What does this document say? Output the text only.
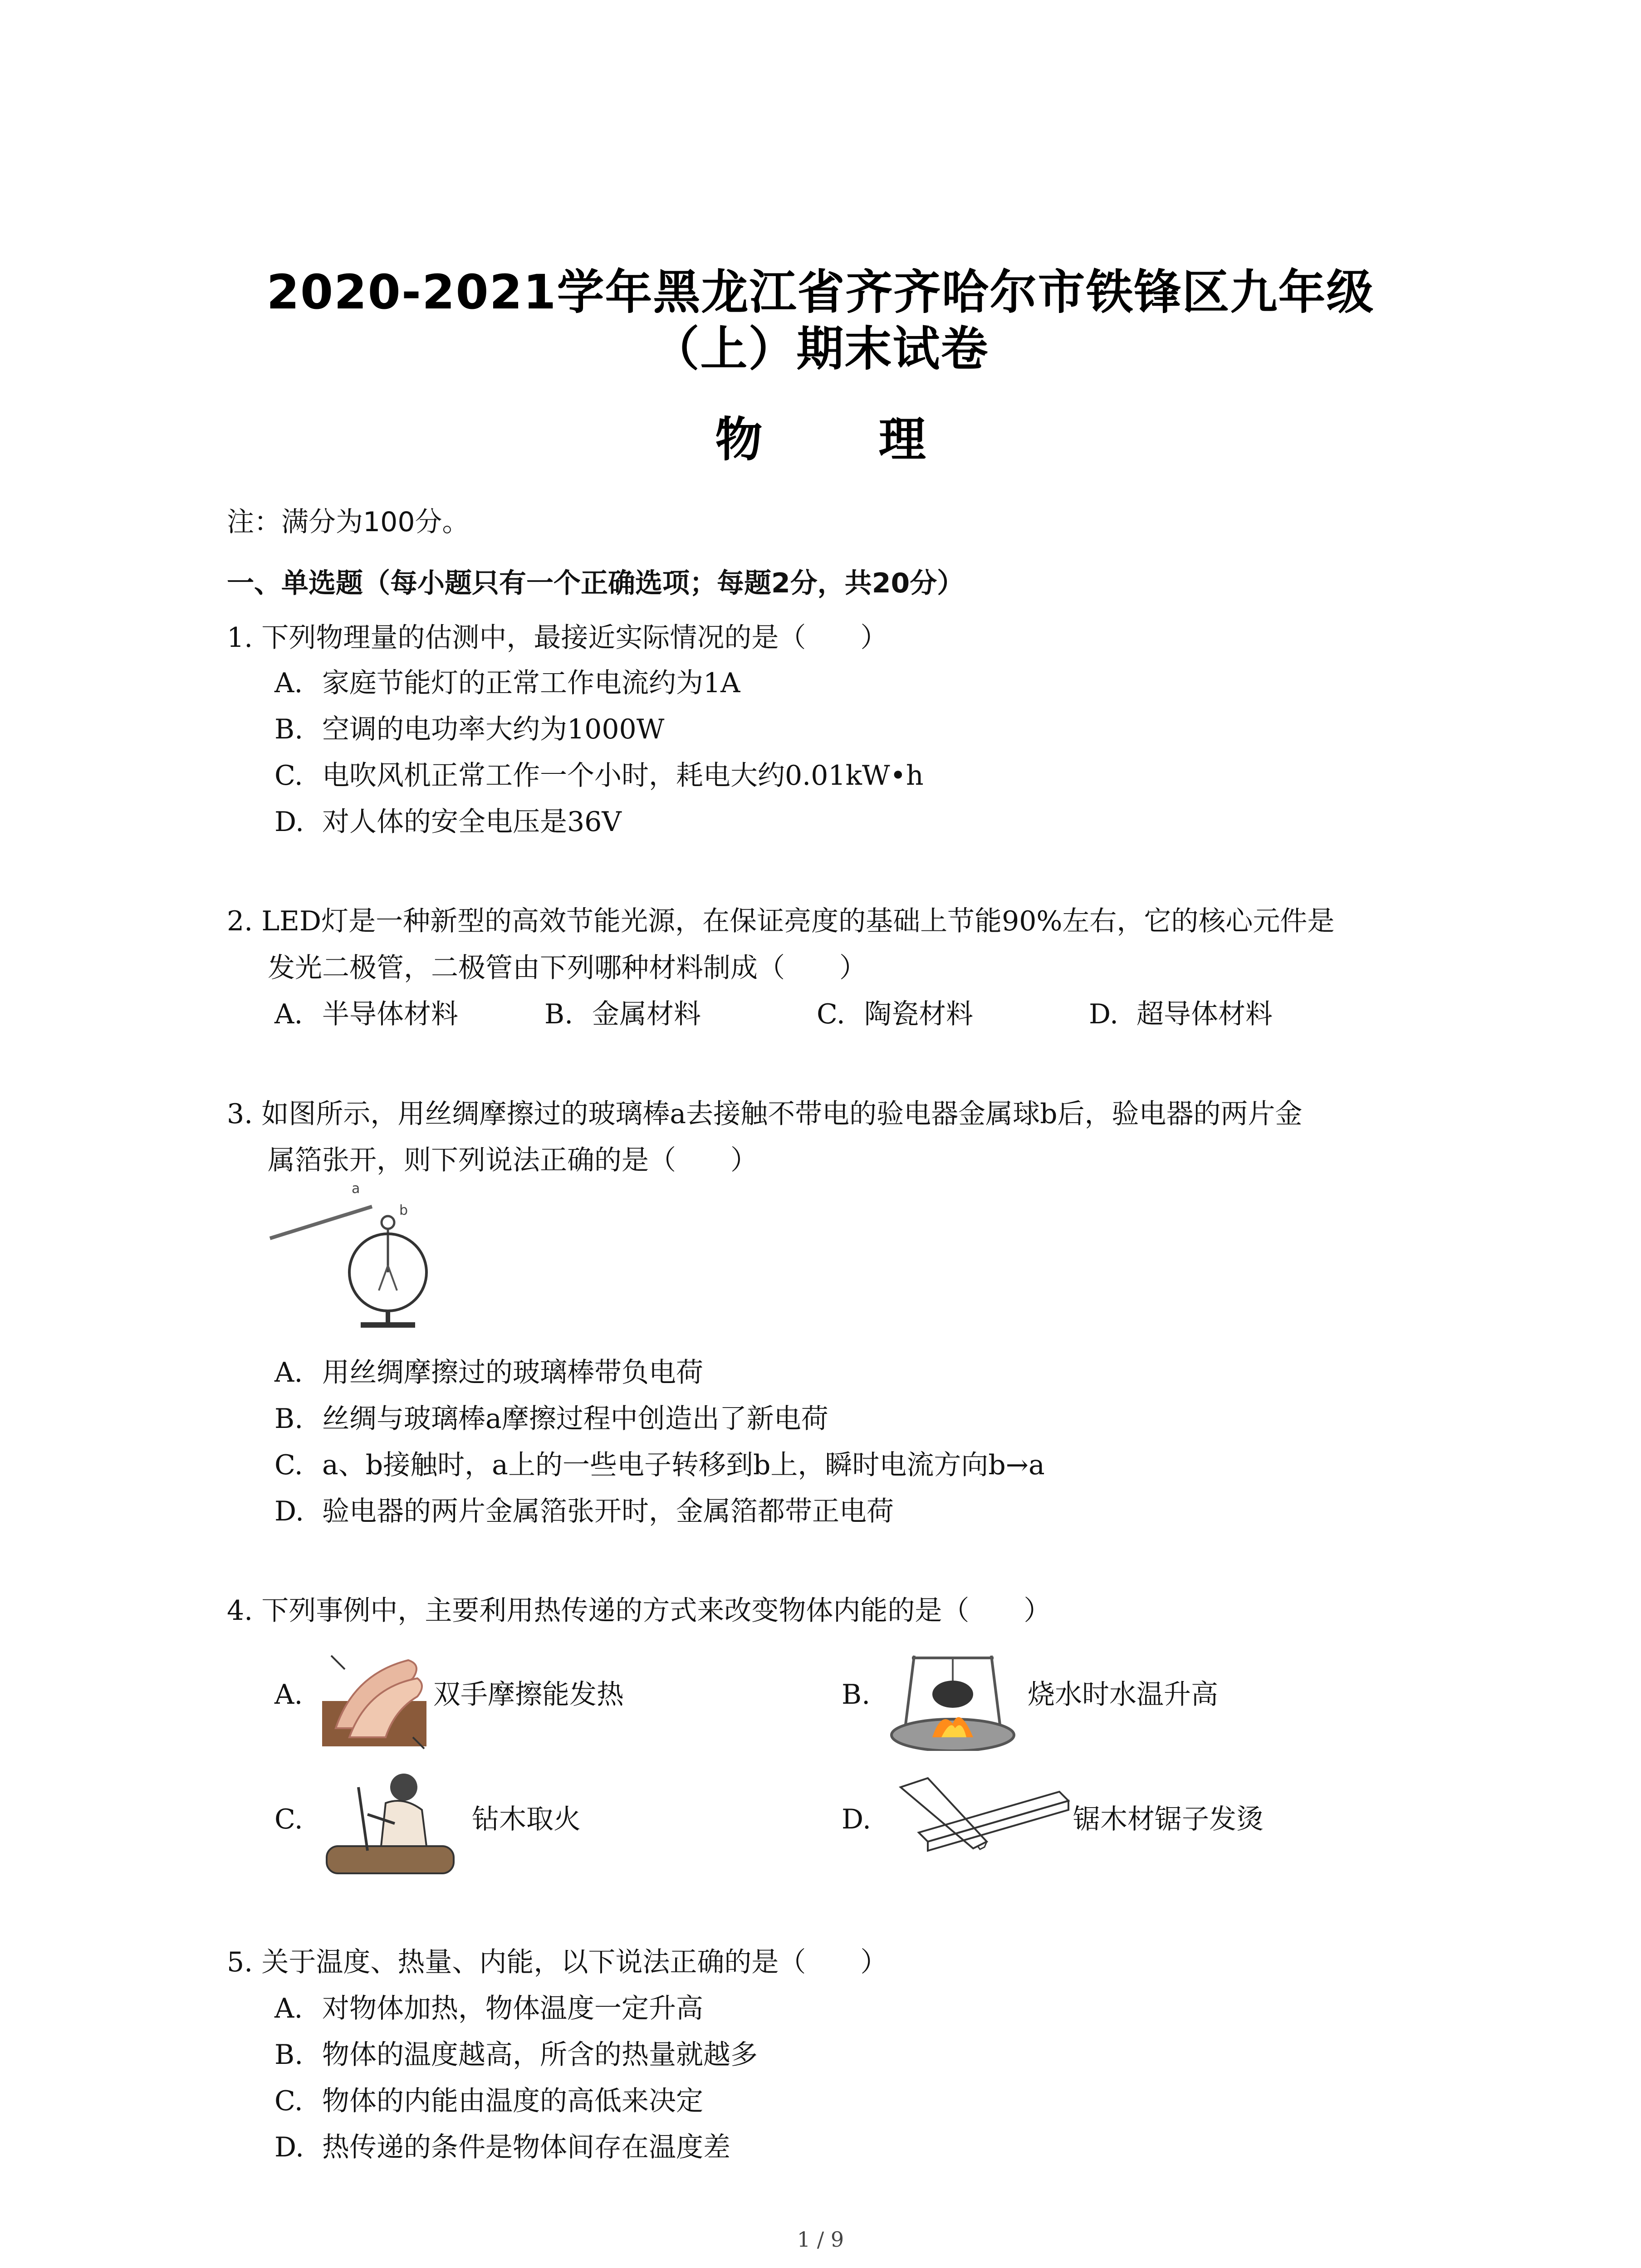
2020-2021学年黑龙江省齐齐哈尔市铁锋区九年级
（上）期末试卷
物 理
注：满分为100分。
一、单选题（每小题只有一个正确选项；每题2分，共20分）
1. 下列物理量的估测中，最接近实际情况的是（　　）
A. 家庭节能灯的正常工作电流约为1A
B. 空调的电功率大约为1000W
C. 电吹风机正常工作一个小时，耗电大约0.01kW•h
D. 对人体的安全电压是36V
2. LED灯是一种新型的高效节能光源，在保证亮度的基础上节能90%左右，它的核心元件是
发光二极管，二极管由下列哪种材料制成（　　）
A. 半导体材料	B. 金属材料	C. 陶瓷材料	D. 超导体材料
3. 如图所示，用丝绸摩擦过的玻璃棒a去接触不带电的验电器金属球b后，验电器的两片金
属箔张开，则下列说法正确的是（　　）
a
b
A. 用丝绸摩擦过的玻璃棒带负电荷
B. 丝绸与玻璃棒a摩擦过程中创造出了新电荷
C. a、b接触时，a上的一些电子转移到b上，瞬时电流方向b→a
D. 验电器的两片金属箔张开时，金属箔都带正电荷
4. 下列事例中，主要利用热传递的方式来改变物体内能的是（　　）
A.	双手摩擦能发热	B.	烧水时水温升高
C.	钻木取火	D.	锯木材锯子发烫
5. 关于温度、热量、内能，以下说法正确的是（　　）
A. 对物体加热，物体温度一定升高
B. 物体的温度越高，所含的热量就越多
C. 物体的内能由温度的高低来决定
D. 热传递的条件是物体间存在温度差
1 / 9
